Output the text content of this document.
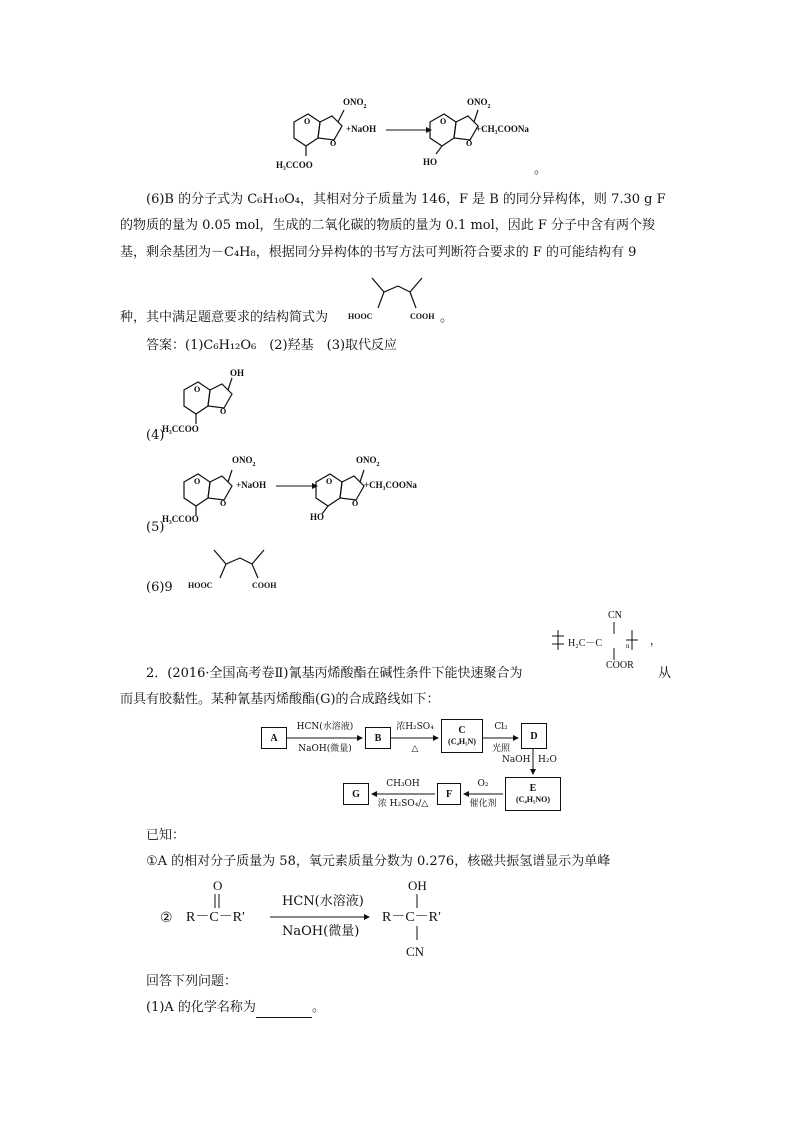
O
O
$ONO_2$
H₃CCOO
+NaOH
O
O
$ONO_2$
HO
+CH₃COONa
。
(6)B 的分子式为 C₆H₁₀O₄，其相对分子质量为 146，F 是 B 的同分异构体，则 7.30 g F
的物质的量为 0.05 mol，生成的二氧化碳的物质的量为 0.1 mol，因此 F 分子中含有两个羧
基，剩余基团为－C₄H₈，根据同分异构体的书写方法可判断符合要求的 F 的可能结构有 9
种，其中满足题意要求的结构简式为 HOOC	COOH 。
答案：(1)C₆H₁₂O₆　(2)羟基　(3)取代反应
O
O
OH
(4)
H₃CCOO
O
O
$ONO_2$
+NaOH	O
O
$ONO_2$
+CH₃COONa
(5)
H₃CCOO	HO
(6)9 HOOC	COOH
2．(2016·全国高考卷Ⅱ)氰基丙烯酸酯在碱性条件下能快速聚合为
CN
H₂C－C	n ，
COOR
从
而具有胶黏性。某种氰基丙烯酸酯(G)的合成路线如下：
A
HCN(水溶液)
NaOH(微量)
B
浓H₂SO₄
△
C
(C₄H₅N)
Cl₂
光照
D
NaOH H₂O
E
(C₄H₅NO)
O₂
催化剂
F
CH₃OH
浓 H₂SO₄/△
G
已知：
①A 的相对分子质量为 58，氧元素质量分数为 0.276，核磁共振氢谱显示为单峰
②
O
R－C－R′
HCN(水溶液)
NaOH(微量)
OH
R－C－R′
CN
回答下列问题：
(1)A 的化学名称为	。
